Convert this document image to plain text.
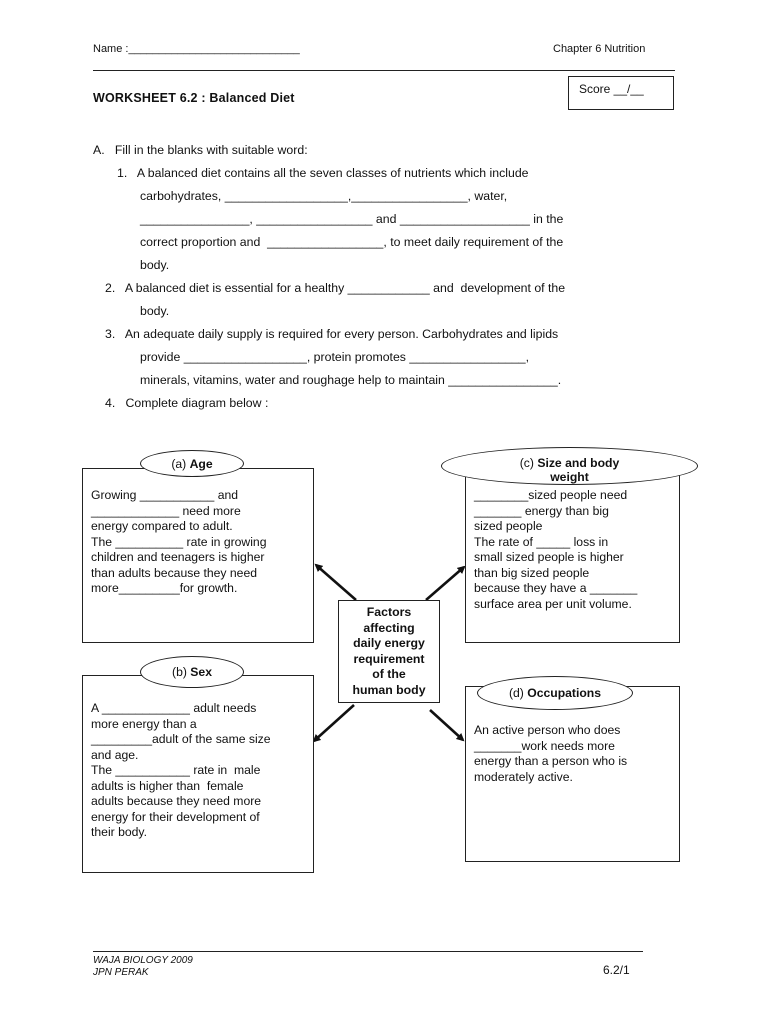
Name :____________________________	Chapter 6 Nutrition
WORKSHEET 6.2 : Balanced Diet
Score __/__
A.   Fill in the blanks with suitable word:
1.   A balanced diet contains all the seven classes of nutrients which include
carbohydrates, __________________,_________________, water,
________________, _________________ and ___________________ in the
correct proportion and  _________________, to meet daily requirement of the
body.
2.   A balanced diet is essential for a healthy ____________ and  development of the
body.
3.   An adequate daily supply is required for every person. Carbohydrates and lipids
provide __________________, protein promotes _________________,
minerals, vitamins, water and roughage help to maintain ________________.
4.   Complete diagram below :
(a) Age
Growing ___________ and
_____________ need more
energy compared to adult.
The __________ rate in growing
children and teenagers is higher
than adults because they need
more_________for growth.
(c) Size and body
weight
________sized people need
_______ energy than big
sized people
The rate of _____ loss in
small sized people is higher
than big sized people
because they have a _______
surface area per unit volume.
Factors
affecting
daily energy
requirement
of the
human body
(b) Sex
A _____________ adult needs
more energy than a
_________adult of the same size
and age.
The ___________ rate in  male
adults is higher than  female
adults because they need more
energy for their development of
their body.
(d) Occupations
An active person who does
_______work needs more
energy than a person who is
moderately active.
WAJA BIOLOGY 2009
JPN PERAK	6.2/1
